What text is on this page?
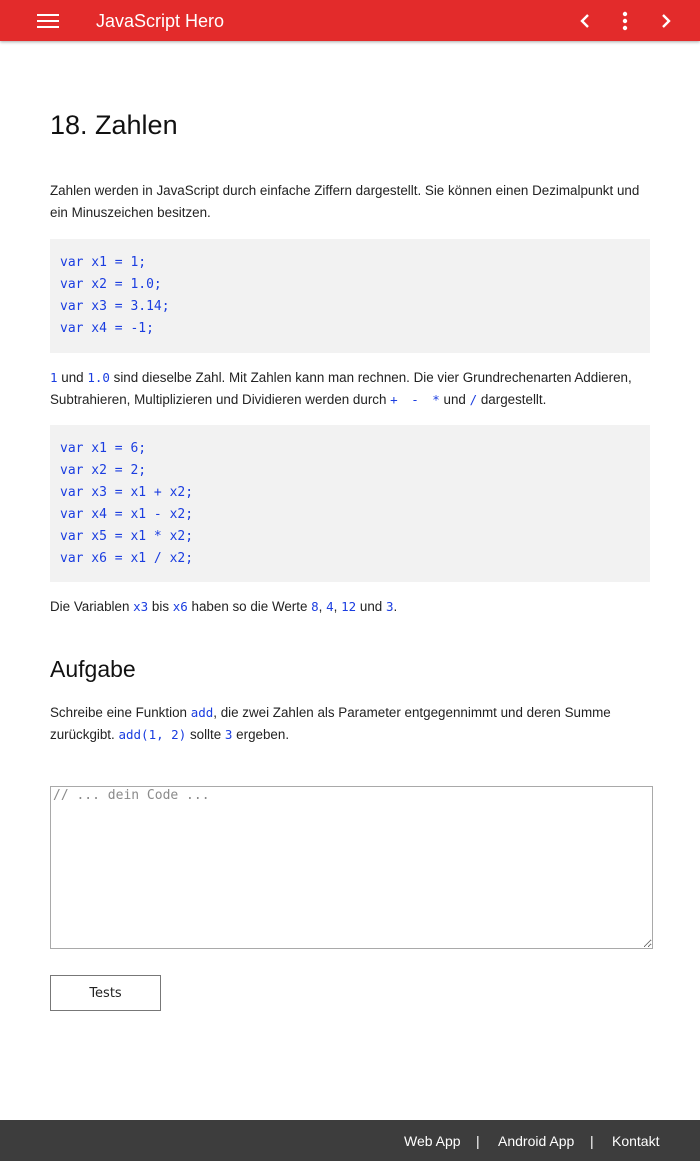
JavaScript Hero
18. Zahlen

Zahlen werden in JavaScript durch einfache Ziffern dargestellt. Sie können einen Dezimalpunkt und ein Minuszeichen besitzen.

var x1 = 1;
var x2 = 1.0;
var x3 = 3.14;
var x4 = -1;

1 und 1.0 sind dieselbe Zahl. Mit Zahlen kann man rechnen. Die vier Grundrechenarten Addieren, Subtrahieren, Multiplizieren und Dividieren werden durch + - * und / dargestellt.

var x1 = 6;
var x2 = 2;
var x3 = x1 + x2;
var x4 = x1 - x2;
var x5 = x1 * x2;
var x6 = x1 / x2;

Die Variablen x3 bis x6 haben so die Werte 8, 4, 12 und 3.

Aufgabe

Schreibe eine Funktion add, die zwei Zahlen als Parameter entgegennimmt und deren Summe zurückgibt. add(1, 2) sollte 3 ergeben.

// ... dein Code ...
Tests
Web App | Android App | Kontakt
